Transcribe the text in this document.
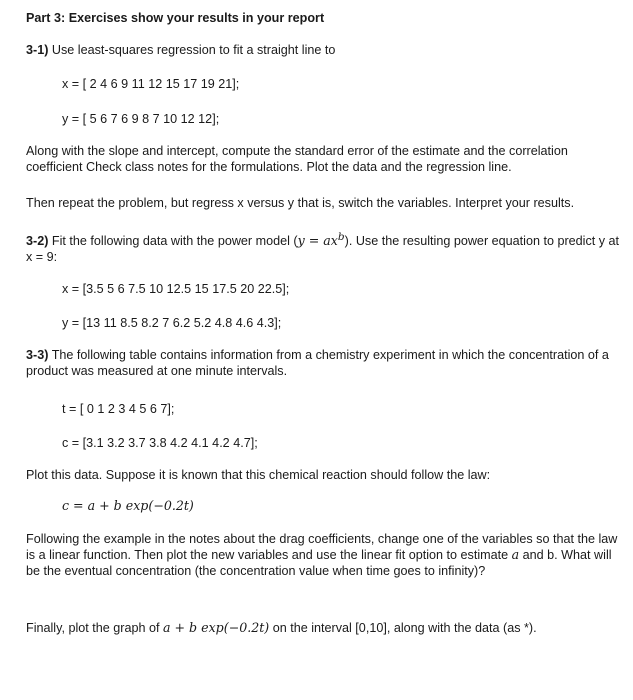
Part 3: Exercises show your results in your report
3-1) Use least-squares regression to fit a straight line to
x = [ 2 4 6 9 11 12 15 17 19 21];
y = [ 5 6 7 6 9 8 7 10 12 12];
Along with the slope and intercept, compute the standard error of the estimate and the correlation coefficient Check class notes for the formulations. Plot the data and the regression line.
Then repeat the problem, but regress x versus y that is, switch the variables. Interpret your results.
3-2) Fit the following data with the power model $(y = ax^b)$. Use the resulting power equation to predict y at x = 9:
x = [3.5 5 6 7.5 10 12.5 15 17.5 20 22.5];
y = [13 11 8.5 8.2 7 6.2 5.2 4.8 4.6 4.3];
3-3) The following table contains information from a chemistry experiment in which the concentration of a product was measured at one minute intervals.
t = [ 0 1 2 3 4 5 6 7];
c = [3.1 3.2 3.7 3.8 4.2 4.1 4.2 4.7];
Plot this data. Suppose it is known that this chemical reaction should follow the law:
c = a + b exp(−0.2t)
Following the example in the notes about the drag coefficients, change one of the variables so that the law is a linear function. Then plot the new variables and use the linear fit option to estimate a and b. What will be the eventual concentration (the concentration value when time goes to infinity)?
Finally, plot the graph of a + b exp(−0.2t) on the interval [0,10], along with the data (as *).
